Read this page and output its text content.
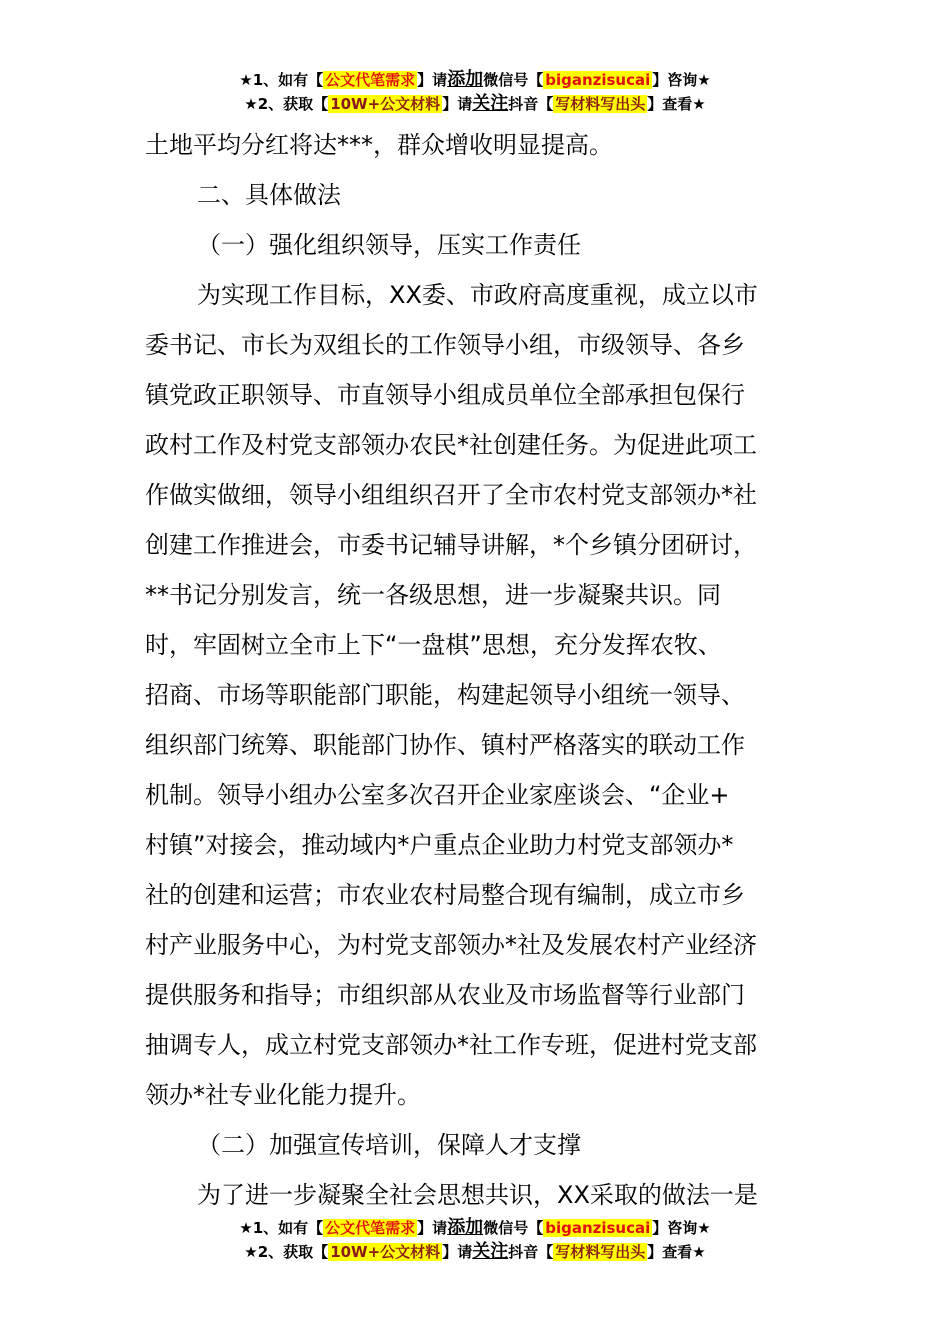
★1、如有【 公文代笔需求 】请添加微信号【 biganzisucai 】咨询★
★2、获取【 10W+公文材料 】请关注抖音【 写材料写出头 】查看★

土地平均分红将达***，群众增收明显提高。

二、具体做法

（一）强化组织领导，压实工作责任

为实现工作目标，XX委、市政府高度重视，成立以市
委书记、市长为双组长的工作领导小组，市级领导、各乡
镇党政正职领导、市直领导小组成员单位全部承担包保行
政村工作及村党支部领办农民*社创建任务。为促进此项工
作做实做细，领导小组组织召开了全市农村党支部领办*社
创建工作推进会，市委书记辅导讲解，*个乡镇分团研讨，
**书记分别发言，统一各级思想，进一步凝聚共识。同
时，牢固树立全市上下“一盘棋”思想，充分发挥农牧、
招商、市场等职能部门职能，构建起领导小组统一领导、
组织部门统筹、职能部门协作、镇村严格落实的联动工作
机制。领导小组办公室多次召开企业家座谈会、“企业+
村镇”对接会，推动域内*户重点企业助力村党支部领办*
社的创建和运营；市农业农村局整合现有编制，成立市乡
村产业服务中心，为村党支部领办*社及发展农村产业经济
提供服务和指导；市组织部从农业及市场监督等行业部门
抽调专人，成立村党支部领办*社工作专班，促进村党支部
领办*社专业化能力提升。

（二）加强宣传培训，保障人才支撑

为了进一步凝聚全社会思想共识，XX采取的做法一是

★1、如有【 公文代笔需求 】请添加微信号【 biganzisucai 】咨询★
★2、获取【 10W+公文材料 】请关注抖音【 写材料写出头 】查看★
